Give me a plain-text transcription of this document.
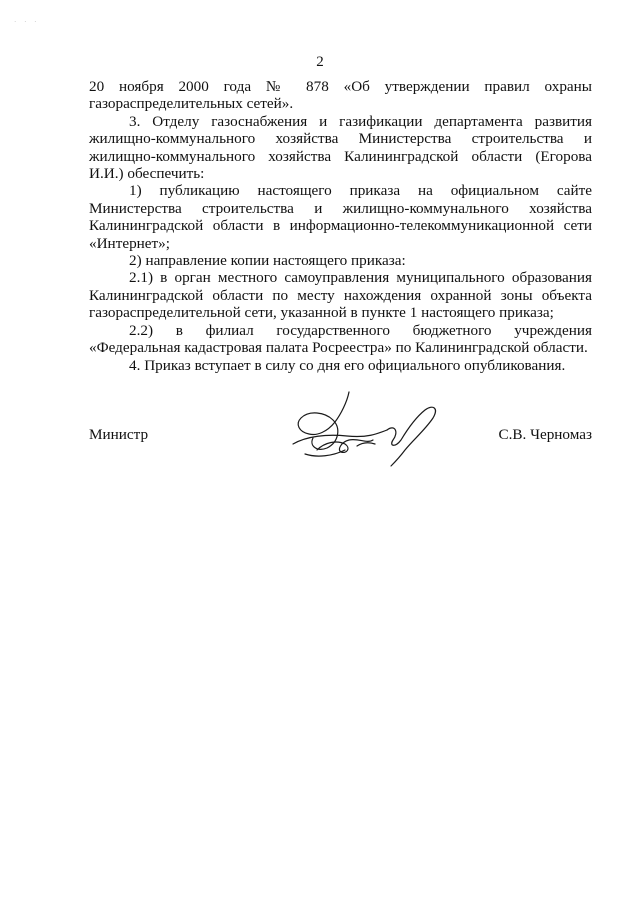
· · ·
2

20 ноября 2000 года № 878 «Об утверждении правил охраны

газораспределительных сетей».

3. Отделу газоснабжения и газификации департамента развития жилищно-коммунального хозяйства Министерства строительства и жилищно-коммунального хозяйства Калининградской области (Егорова И.И.) обеспечить:

1) публикацию настоящего приказа на официальном сайте Министерства строительства и жилищно-коммунального хозяйства Калининградской области в информационно-телекоммуникационной сети «Интернет»;

2) направление копии настоящего приказа:

2.1) в орган местного самоуправления муниципального образования Калининградской области по месту нахождения охранной зоны объекта газораспределительной сети, указанной в пункте 1 настоящего приказа;

2.2) в филиал государственного бюджетного учреждения «Федеральная кадастровая палата Росреестра» по Калининградской области.

4. Приказ вступает в силу со дня его официального опубликования.

Министр	С.В. Черномаз
